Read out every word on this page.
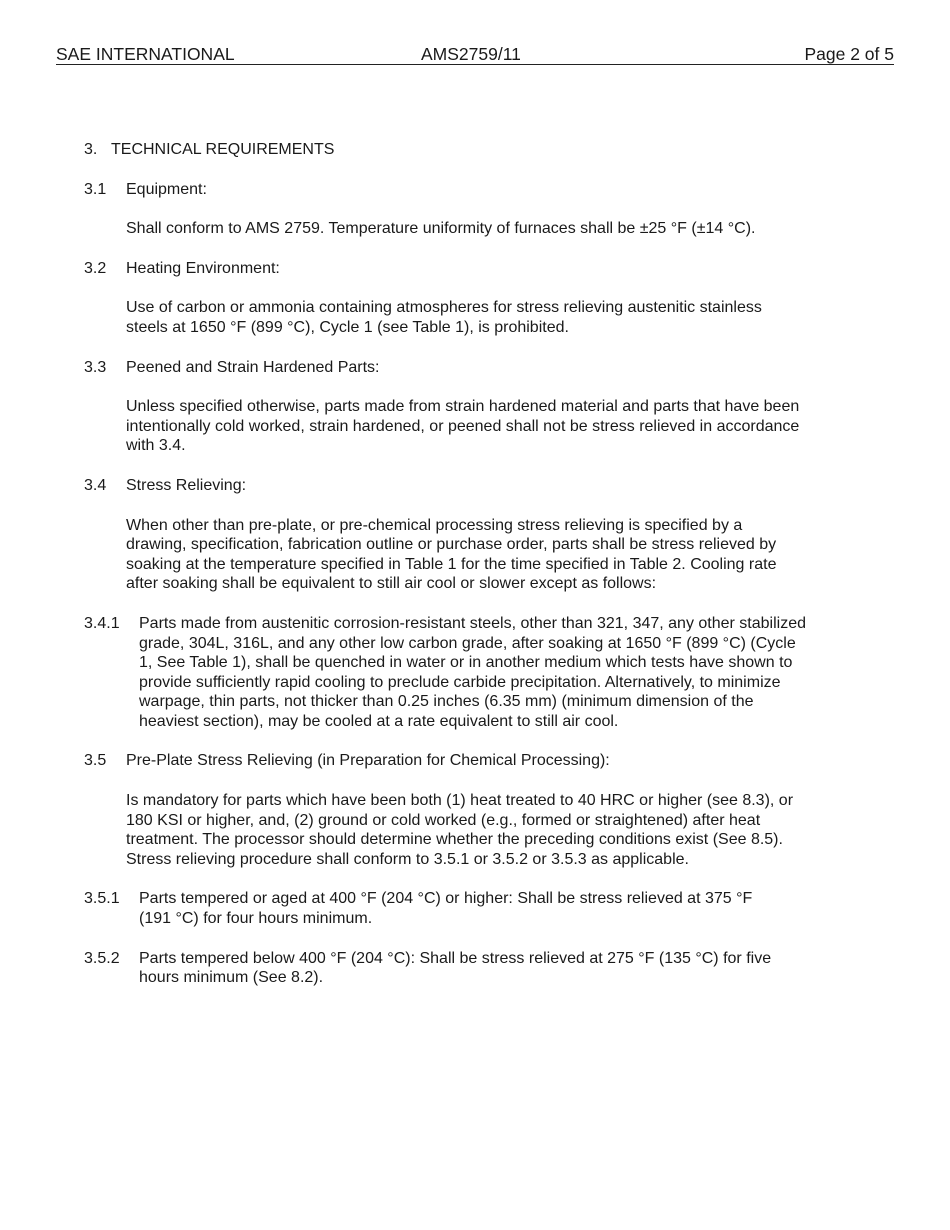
SAE INTERNATIONAL	AMS2759/11	Page 2 of 5
3. TECHNICAL REQUIREMENTS
3.1	Equipment:
Shall conform to AMS 2759. Temperature uniformity of furnaces shall be ±25 °F (±14 °C).
3.2	Heating Environment:
Use of carbon or ammonia containing atmospheres for stress relieving austenitic stainless
steels at 1650 °F (899 °C), Cycle 1 (see Table 1), is prohibited.
3.3	Peened and Strain Hardened Parts:
Unless specified otherwise, parts made from strain hardened material and parts that have been
intentionally cold worked, strain hardened, or peened shall not be stress relieved in accordance
with 3.4.
3.4	Stress Relieving:
When other than pre-plate, or pre-chemical processing stress relieving is specified by a
drawing, specification, fabrication outline or purchase order, parts shall be stress relieved by
soaking at the temperature specified in Table 1 for the time specified in Table 2. Cooling rate
after soaking shall be equivalent to still air cool or slower except as follows:
3.4.1	Parts made from austenitic corrosion-resistant steels, other than 321, 347, any other stabilized
grade, 304L, 316L, and any other low carbon grade, after soaking at 1650 °F (899 °C) (Cycle
1, See Table 1), shall be quenched in water or in another medium which tests have shown to
provide sufficiently rapid cooling to preclude carbide precipitation. Alternatively, to minimize
warpage, thin parts, not thicker than 0.25 inches (6.35 mm) (minimum dimension of the
heaviest section), may be cooled at a rate equivalent to still air cool.
3.5	Pre-Plate Stress Relieving (in Preparation for Chemical Processing):
Is mandatory for parts which have been both (1) heat treated to 40 HRC or higher (see 8.3), or
180 KSI or higher, and, (2) ground or cold worked (e.g., formed or straightened) after heat
treatment. The processor should determine whether the preceding conditions exist (See 8.5).
Stress relieving procedure shall conform to 3.5.1 or 3.5.2 or 3.5.3 as applicable.
3.5.1	Parts tempered or aged at 400 °F (204 °C) or higher: Shall be stress relieved at 375 °F
(191 °C) for four hours minimum.
3.5.2	Parts tempered below 400 °F (204 °C): Shall be stress relieved at 275 °F (135 °C) for five
hours minimum (See 8.2).
